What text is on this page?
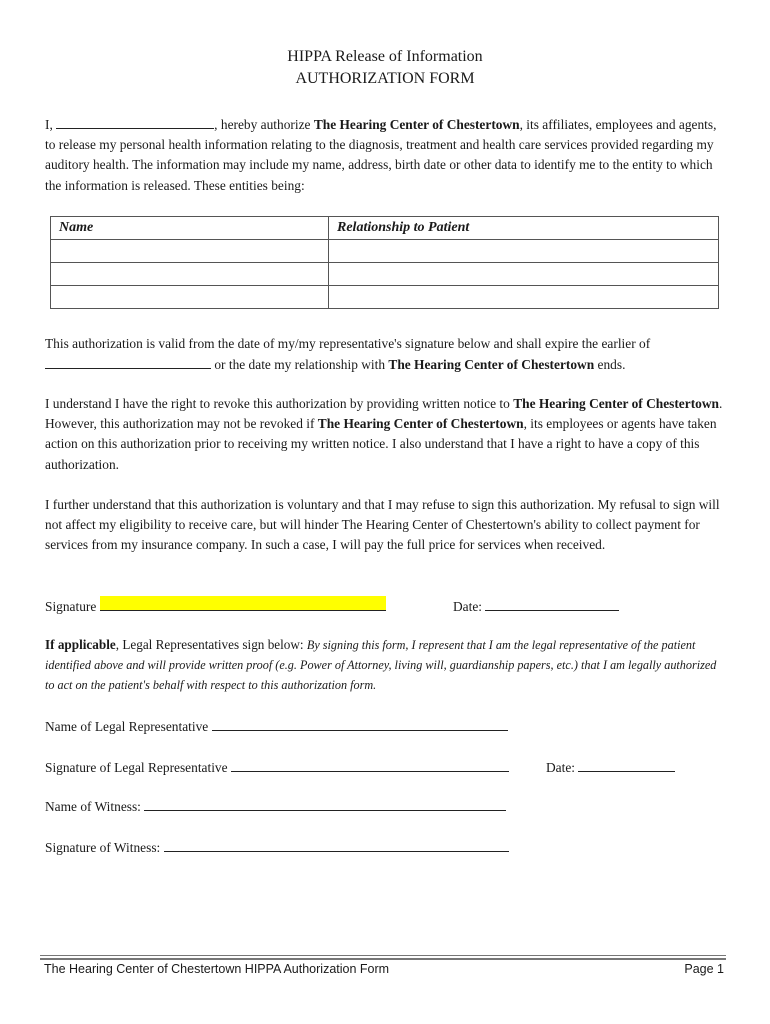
HIPPA Release of Information
AUTHORIZATION FORM
I,	, hereby authorize The Hearing Center of Chestertown, its affiliates, employees and agents, to release my personal health information relating to the diagnosis, treatment and health care services provided regarding my auditory health. The information may include my name, address, birth date or other data to identify me to the entity to which the information is released. These entities being:
Name	Relationship to Patient

This authorization is valid from the date of my/my representative's signature below and shall expire the earlier of
or the date my relationship with The Hearing Center of Chestertown ends.
I understand I have the right to revoke this authorization by providing written notice to The Hearing Center of Chestertown. However, this authorization may not be revoked if The Hearing Center of Chestertown, its employees or agents have taken action on this authorization prior to receiving my written notice. I also understand that I have a right to have a copy of this authorization.
I further understand that this authorization is voluntary and that I may refuse to sign this authorization. My refusal to sign will not affect my eligibility to receive care, but will hinder The Hearing Center of Chestertown's ability to collect payment for services from my insurance company. In such a case, I will pay the full price for services when received.
Signature	Date:
If applicable, Legal Representatives sign below: By signing this form, I represent that I am the legal representative of the patient identified above and will provide written proof (e.g. Power of Attorney, living will, guardianship papers, etc.) that I am legally authorized to act on the patient's behalf with respect to this authorization form.
Name of Legal Representative
Signature of Legal Representative	Date:
Name of Witness:
Signature of Witness:
The Hearing Center of Chestertown HIPPA Authorization Form	Page 1
